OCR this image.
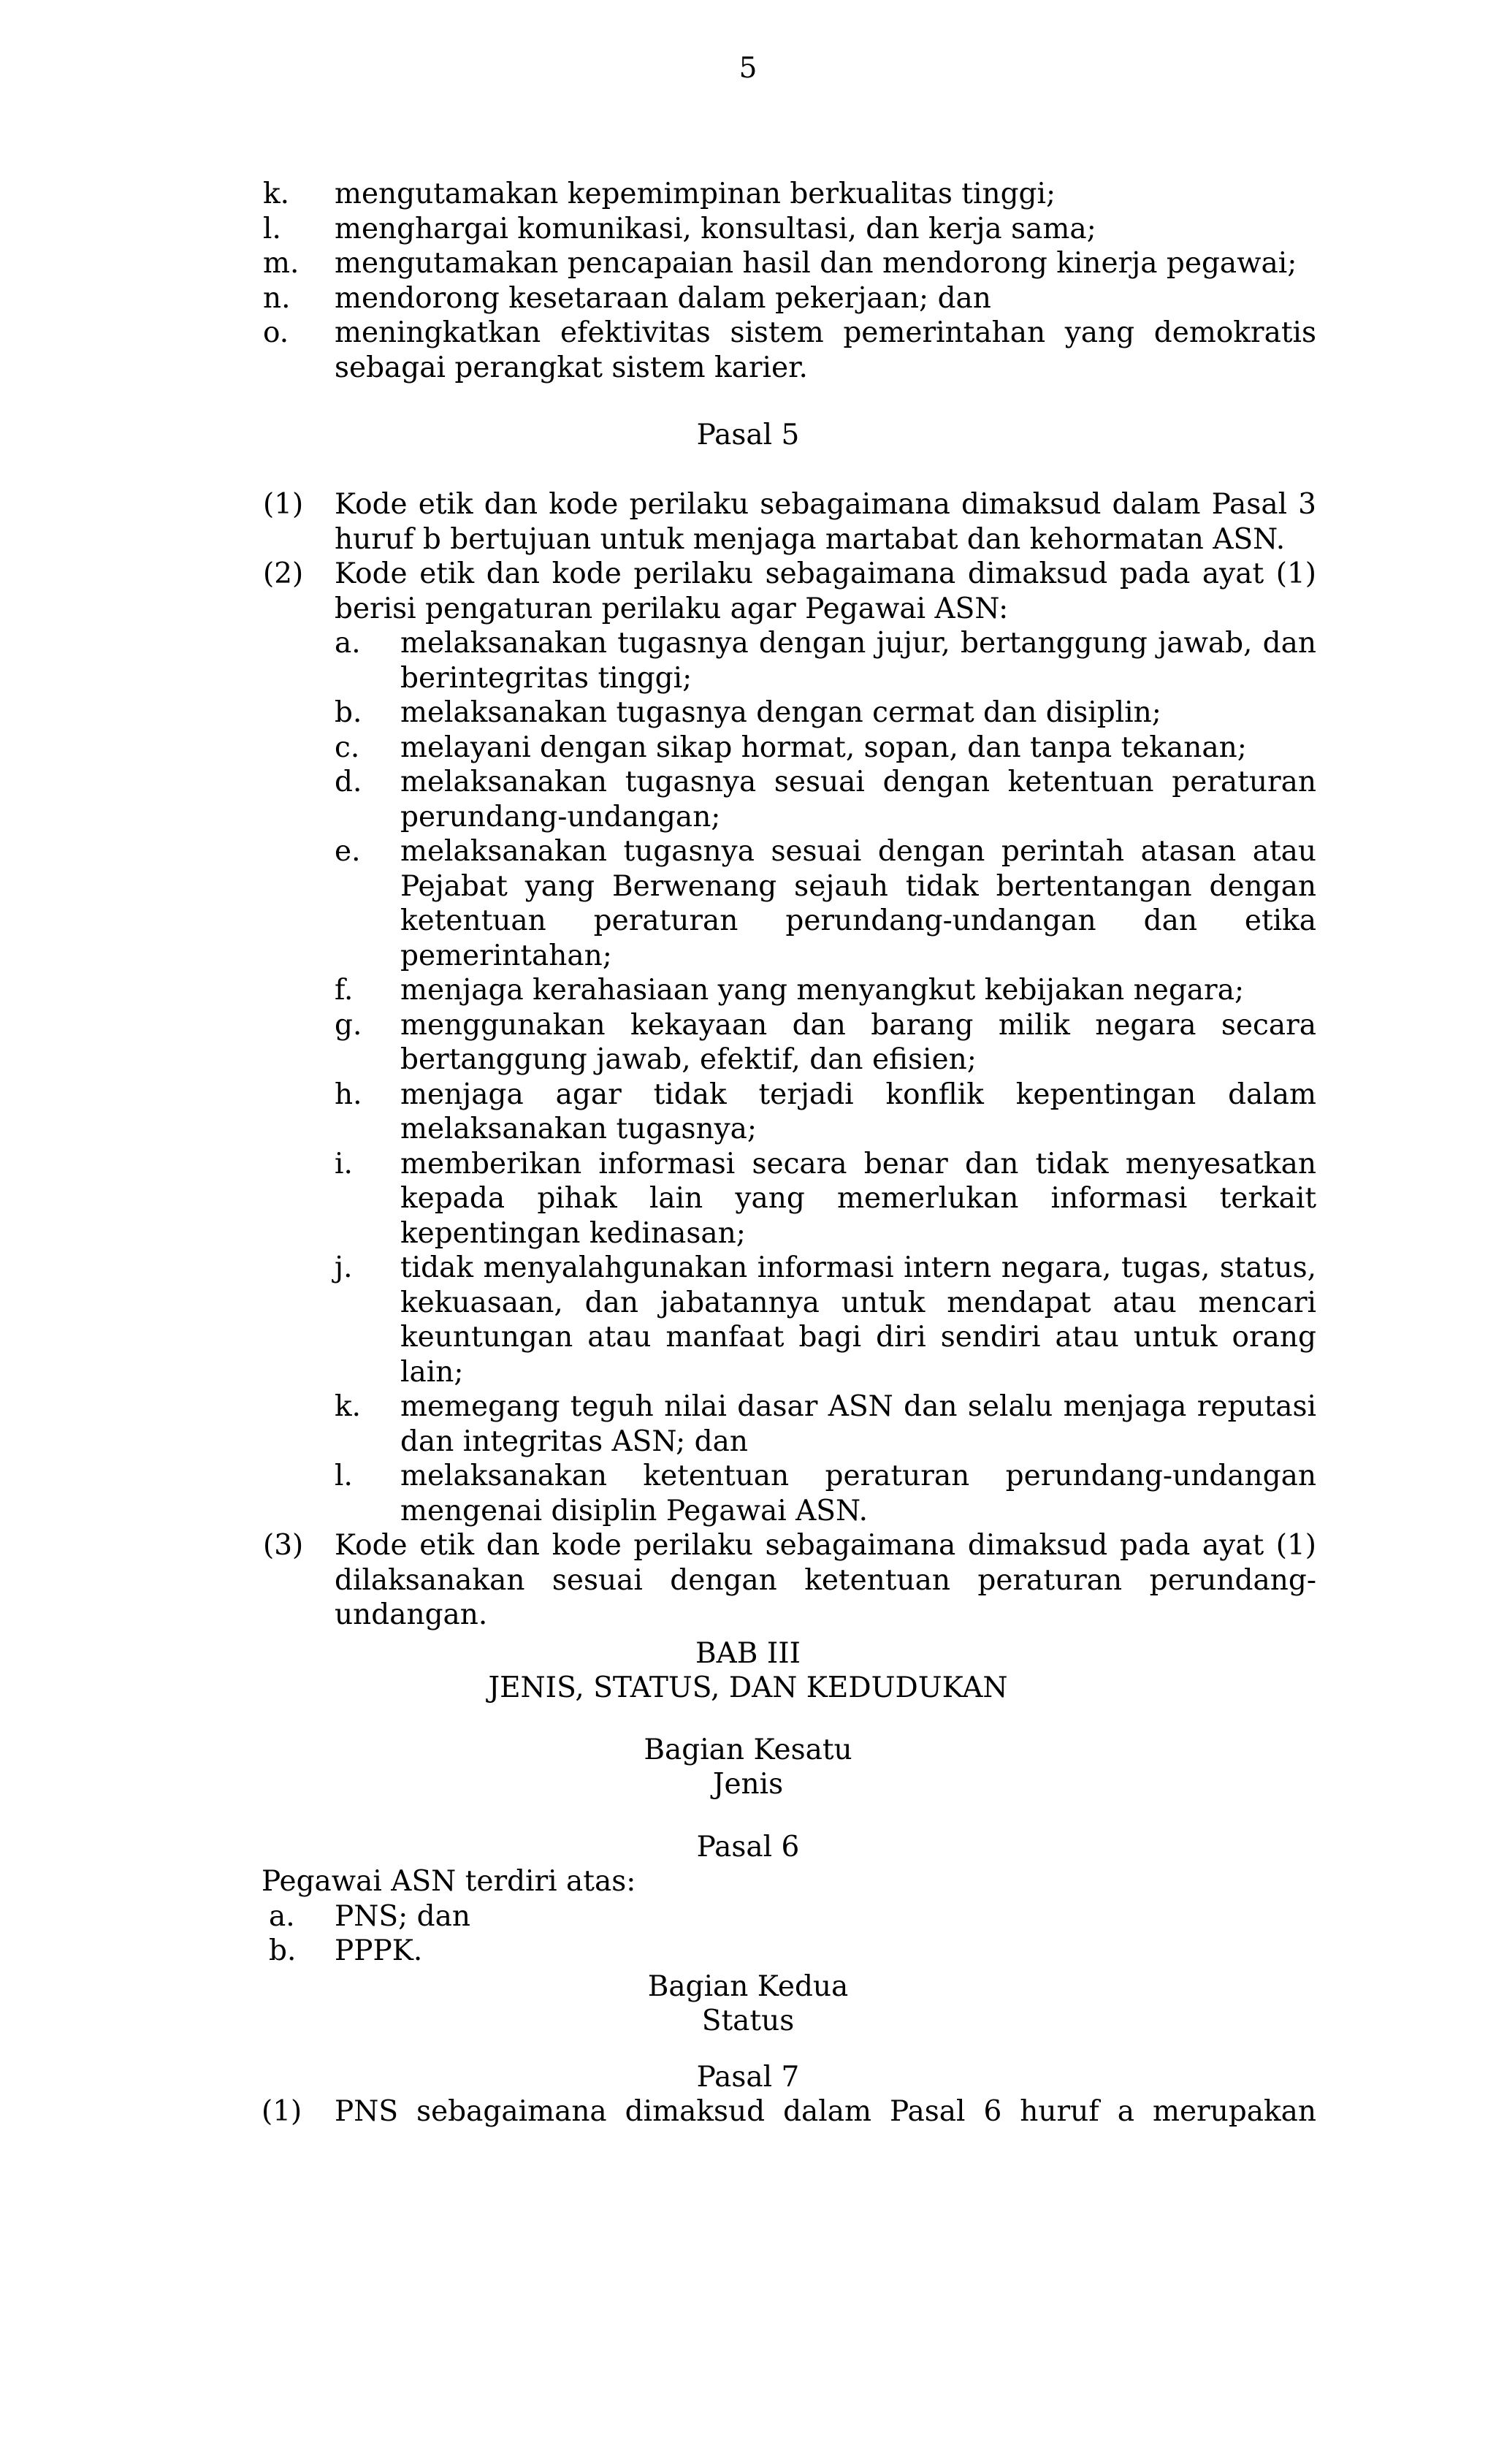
5
k.	mengutamakan kepemimpinan berkualitas tinggi;
l.	menghargai komunikasi, konsultasi, dan kerja sama;
m.	mengutamakan pencapaian hasil dan mendorong kinerja pegawai;
n.	mendorong kesetaraan dalam pekerjaan; dan
o.	meningkatkan efektivitas sistem pemerintahan yang demokratis sebagai perangkat sistem karier.
Pasal 5
(1)	Kode etik dan kode perilaku sebagaimana dimaksud dalam Pasal 3 huruf b bertujuan untuk menjaga martabat dan kehormatan ASN.
(2)	Kode etik dan kode perilaku sebagaimana dimaksud pada ayat (1) berisi pengaturan perilaku agar Pegawai ASN:
a.	melaksanakan tugasnya dengan jujur, bertanggung jawab, dan berintegritas tinggi;
b.	melaksanakan tugasnya dengan cermat dan disiplin;
c.	melayani dengan sikap hormat, sopan, dan tanpa tekanan;
d.	melaksanakan tugasnya sesuai dengan ketentuan peraturan perundang-undangan;
e.	melaksanakan tugasnya sesuai dengan perintah atasan atau Pejabat yang Berwenang sejauh tidak bertentangan dengan ketentuan peraturan perundang-undangan dan etika pemerintahan;
f.	menjaga kerahasiaan yang menyangkut kebijakan negara;
g.	menggunakan kekayaan dan barang milik negara secara bertanggung jawab, efektif, dan efisien;
h.	menjaga agar tidak terjadi konflik kepentingan dalam melaksanakan tugasnya;
i.	memberikan informasi secara benar dan tidak menyesatkan kepada pihak lain yang memerlukan informasi terkait kepentingan kedinasan;
j.	tidak menyalahgunakan informasi intern negara, tugas, status, kekuasaan, dan jabatannya untuk mendapat atau mencari keuntungan atau manfaat bagi diri sendiri atau untuk orang lain;
k.	memegang teguh nilai dasar ASN dan selalu menjaga reputasi dan integritas ASN; dan
l.	melaksanakan ketentuan peraturan perundang-undangan mengenai disiplin Pegawai ASN.
(3)	Kode etik dan kode perilaku sebagaimana dimaksud pada ayat (1) dilaksanakan sesuai dengan ketentuan peraturan perundang-undangan.
BAB III
JENIS, STATUS, DAN KEDUDUKAN
Bagian Kesatu
Jenis
Pasal 6
Pegawai ASN terdiri atas:
a.	PNS; dan
b.	PPPK.
Bagian Kedua
Status
Pasal 7
(1)	PNS sebagaimana dimaksud dalam Pasal 6 huruf a merupakan
